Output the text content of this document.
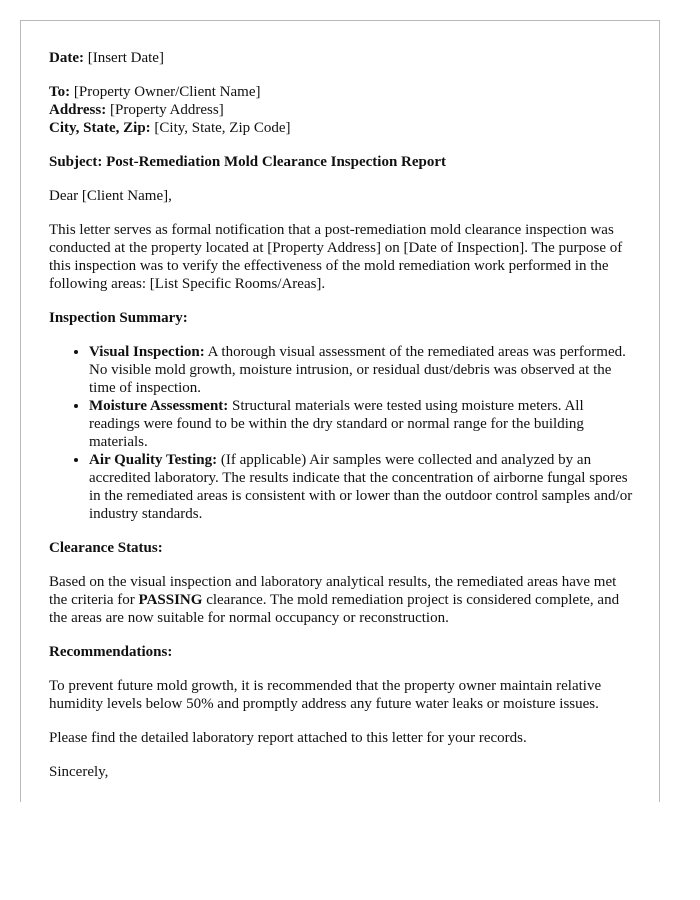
Date: [Insert Date]

To: [Property Owner/Client Name]

Address: [Property Address]

City, State, Zip: [City, State, Zip Code]

Subject: Post-Remediation Mold Clearance Inspection Report

Dear [Client Name],

This letter serves as formal notification that a post-remediation mold clearance inspection was conducted at the property located at [Property Address] on [Date of Inspection]. The purpose of this inspection was to verify the effectiveness of the mold remediation work performed in the following areas: [List Specific Rooms/Areas].

Inspection Summary:

• Visual Inspection: A thorough visual assessment of the remediated areas was performed. No visible mold growth, moisture intrusion, or residual dust/debris was observed at the time of inspection.
• Moisture Assessment: Structural materials were tested using moisture meters. All readings were found to be within the dry standard or normal range for the building materials.
• Air Quality Testing: (If applicable) Air samples were collected and analyzed by an accredited laboratory. The results indicate that the concentration of airborne fungal spores in the remediated areas is consistent with or lower than the outdoor control samples and/or industry standards.

Clearance Status:

Based on the visual inspection and laboratory analytical results, the remediated areas have met the criteria for PASSING clearance. The mold remediation project is considered complete, and the areas are now suitable for normal occupancy or reconstruction.

Recommendations:

To prevent future mold growth, it is recommended that the property owner maintain relative humidity levels below 50% and promptly address any future water leaks or moisture issues.

Please find the detailed laboratory report attached to this letter for your records.

Sincerely,
